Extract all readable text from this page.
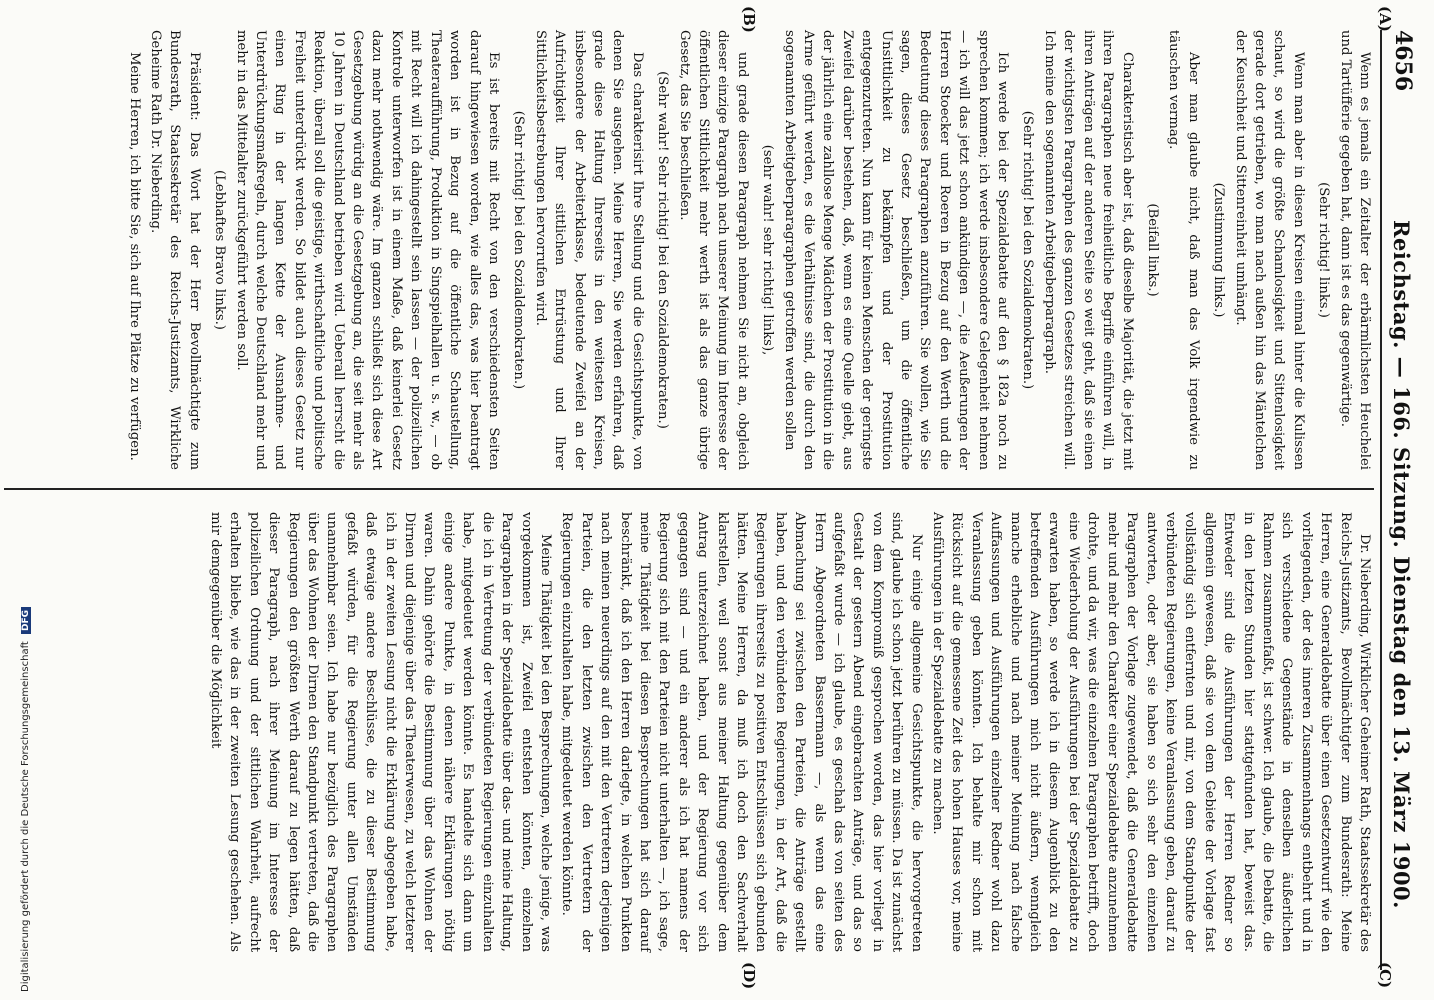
4656
Reichstag. — 166. Sitzung. Dienstag den 13. März 1900.
(A)
(B)
(C)
(D)

Wenn es jemals ein Zeitalter der erbärmlichsten Heuchelei und Tartüfferie gegeben hat, dann ist es das gegenwärtige.

(Sehr richtig! links.)

Wenn man aber in diesen Kreisen einmal hinter die Kulissen schaut, so wird die größte Schamlosigkeit und Sittenlosigkeit gerade dort getrieben, wo man nach außen hin das Mäntelchen der Keuschheit und Sittenreinheit umhängt.

(Zustimmung links.)

Aber man glaube nicht, daß man das Volk irgendwie zu täuschen vermag.

(Beifall links.)

Charakteristisch aber ist, daß dieselbe Majorität, die jetzt mit ihren Paragraphen neue freiheitliche Begriffe einführen will, in ihren Anträgen auf der anderen Seite so weit geht, daß sie einen der wichtigsten Paragraphen des ganzen Gesetzes streichen will. Ich meine den sogenannten Arbeitgeberparagraph.

(Sehr richtig! bei den Sozialdemokraten.)

Ich werde bei der Spezialdebatte auf den § 182a noch zu sprechen kommen; ich werde insbesondere Gelegenheit nehmen — ich will das jetzt schon ankündigen —, die Aeußerungen der Herren Stoecker und Roeren in Bezug auf den Werth und die Bedeutung dieses Paragraphen anzuführen. Sie wollen, wie Sie sagen, dieses Gesetz beschließen, um die öffentliche Unsittlichkeit zu bekämpfen und der Prostitution entgegenzutreten. Nun kann für keinen Menschen der geringste Zweifel darüber bestehen, daß, wenn es eine Quelle giebt, aus der jährlich eine zahllose Menge Mädchen der Prostitution in die Arme geführt werden, es die Verhältnisse sind, die durch den sogenannten Arbeitgeberparagraphen getroffen werden sollen

(sehr wahr! sehr richtig! links),

und grade diesen Paragraph nehmen Sie nicht an, obgleich dieser einzige Paragraph nach unserer Meinung im Interesse der öffentlichen Sittlichkeit mehr werth ist als das ganze übrige Gesetz, das Sie beschließen.

(Sehr wahr! Sehr richtig! bei den Sozialdemokraten.)

Das charakterisirt Ihre Stellung und die Gesichtspunkte, von denen Sie ausgehen. Meine Herren, Sie werden erfahren, daß grade diese Haltung Ihrerseits in den weitesten Kreisen, insbesondere der Arbeiterklasse, bedeutende Zweifel an der Aufrichtigkeit Ihrer sittlichen Entrüstung und Ihrer Sittlichkeitsbestrebungen hervorrufen wird.

(Sehr richtig! bei den Sozialdemokraten.)

Es ist bereits mit Recht von den verschiedensten Seiten darauf hingewiesen worden, wie alles das, was hier beantragt worden ist in Bezug auf die öffentliche Schaustellung, Theateraufführung, Produktion in Singspielhallen u. s. w., — ob mit Recht will ich dahingestellt sein lassen — der polizeilichen Kontrole unterworfen ist in einem Maße, daß keinerlei Gesetz dazu mehr nothwendig wäre. Im ganzen schließt sich diese Art Gesetzgebung würdig an die Gesetzgebung an, die seit mehr als 10 Jahren in Deutschland betrieben wird. Ueberall herrscht die Reaktion, überall soll die geistige, wirthschaftliche und politische Freiheit unterdrückt werden. So bildet auch dieses Gesetz nur einen Ring in der langen Kette der Ausnahme- und Unterdrückungsmaßregeln, durch welche Deutschland mehr und mehr in das Mittelalter zurückgeführt werden soll.

(Lebhaftes Bravo links.)

Präsident: Das Wort hat der Herr Bevollmächtigte zum Bundesrath, Staatssekretär des Reichs-Justizamts, Wirkliche Geheime Rath Dr. Nieberding.

Meine Herren, ich bitte Sie, sich auf Ihre Plätze zu verfügen.

Dr. Nieberding, Wirklicher Geheimer Rath, Staatssekretär des Reichs-Justizamts, Bevollmächtigter zum Bundesrath: Meine Herren, eine Generaldebatte über einen Gesetzentwurf wie den vorliegenden, der des inneren Zusammenhangs entbehrt und in sich verschiedene Gegenstände in denselben äußerlichen Rahmen zusammenfaßt, ist schwer. Ich glaube, die Debatte, die in den letzten Stunden hier stattgefunden hat, beweist das. Entweder sind die Ausführungen der Herren Redner so allgemein gewesen, daß sie von dem Gebiete der Vorlage fast vollständig sich entfernten und mir, von dem Standpunkte der verbündeten Regierungen, keine Veranlassung geben, darauf zu antworten, oder aber, sie haben so sich sehr den einzelnen Paragraphen der Vorlage zugewendet, daß die Generaldebatte mehr und mehr den Charakter einer Spezialdebatte anzunehmen drohte, und da wir, was die einzelnen Paragraphen betrifft, doch eine Wiederholung der Ausführungen bei der Spezialdebatte zu erwarten haben, so werde ich in diesem Augenblick zu den betreffenden Ausführungen mich nicht äußern, wenngleich manche erhebliche und nach meiner Meinung nach falsche Auffassungen und Ausführungen einzelner Redner wohl dazu Veranlassung geben könnten. Ich behalte mir schon mit Rücksicht auf die gemessene Zeit des hohen Hauses vor, meine Ausführungen in der Spezialdebatte zu machen.

Nur einige allgemeine Gesichtspunkte, die hervorgetreten sind, glaube ich schon jetzt berühren zu müssen. Da ist zunächst von dem Kompromiß gesprochen worden, das hier vorliegt in Gestalt der gestern Abend eingebrachten Anträge, und das so aufgefaßt wurde — ich glaube, es geschah das von seiten des Herrn Abgeordneten Bassermann —, als wenn das eine Abmachung sei zwischen den Parteien, die Anträge gestellt haben, und den verbündeten Regierungen, in der Art, daß die Regierungen ihrerseits zu positiven Entschlüssen sich gebunden hätten. Meine Herren, da muß ich doch den Sachverhalt klarstellen, weil sonst aus meiner Haltung gegenüber dem Antrag unterzeichnet haben, und der Regierung vor sich gegangen sind — und ein anderer als ich hat namens der Regierung sich mit den Parteien nicht unterhalten —, ich sage, meine Thätigkeit bei diesen Besprechungen hat sich darauf beschränkt, daß ich den Herren darlegte, in welchen Punkten nach meinen neuerdings auf den mit den Vertretern derjenigen Parteien, die den letzten zwischen den Vertretern der Regierungen einzuhalten habe, mitgedeutet werden könnte.

Meine Thätigkeit bei den Besprechungen, welche jenige, was vorgekommen ist, Zweifel entstehen könnten, einzelnen Paragraphen in der Spezialdebatte über das- und meine Haltung, die ich in Vertretung der verbündeten Regierungen einzuhalten habe, mitgedeutet werden könnte. Es handelte sich dann um einige andere Punkte, in denen nähere Erklärungen nöthig waren. Dahin gehörte die Bestimmung über das Wohnen der Dirnen und diejenige über das Theaterwesen, zu welch letzterer ich in der zweiten Lesung nicht die Erklärung abgegeben habe, daß etwaige andere Beschlüsse, die zu dieser Bestimmung gefaßt würden, für die Regierung unter allen Umständen unannehmbar seien. Ich habe nur bezüglich des Paragraphen über das Wohnen der Dirnen den Standpunkt vertreten, daß die Regierungen den größten Werth darauf zu legen hätten, daß dieser Paragraph, nach ihrer Meinung im Interesse der polizeilichen Ordnung und der sittlichen Wahrheit, aufrecht erhalten bliebe, wie das in der zweiten Lesung geschehen. Als mir demgegenüber die Möglichkeit

Digitalisierung gefördert durch die Deutsche Forschungsgemeinschaft DFG
